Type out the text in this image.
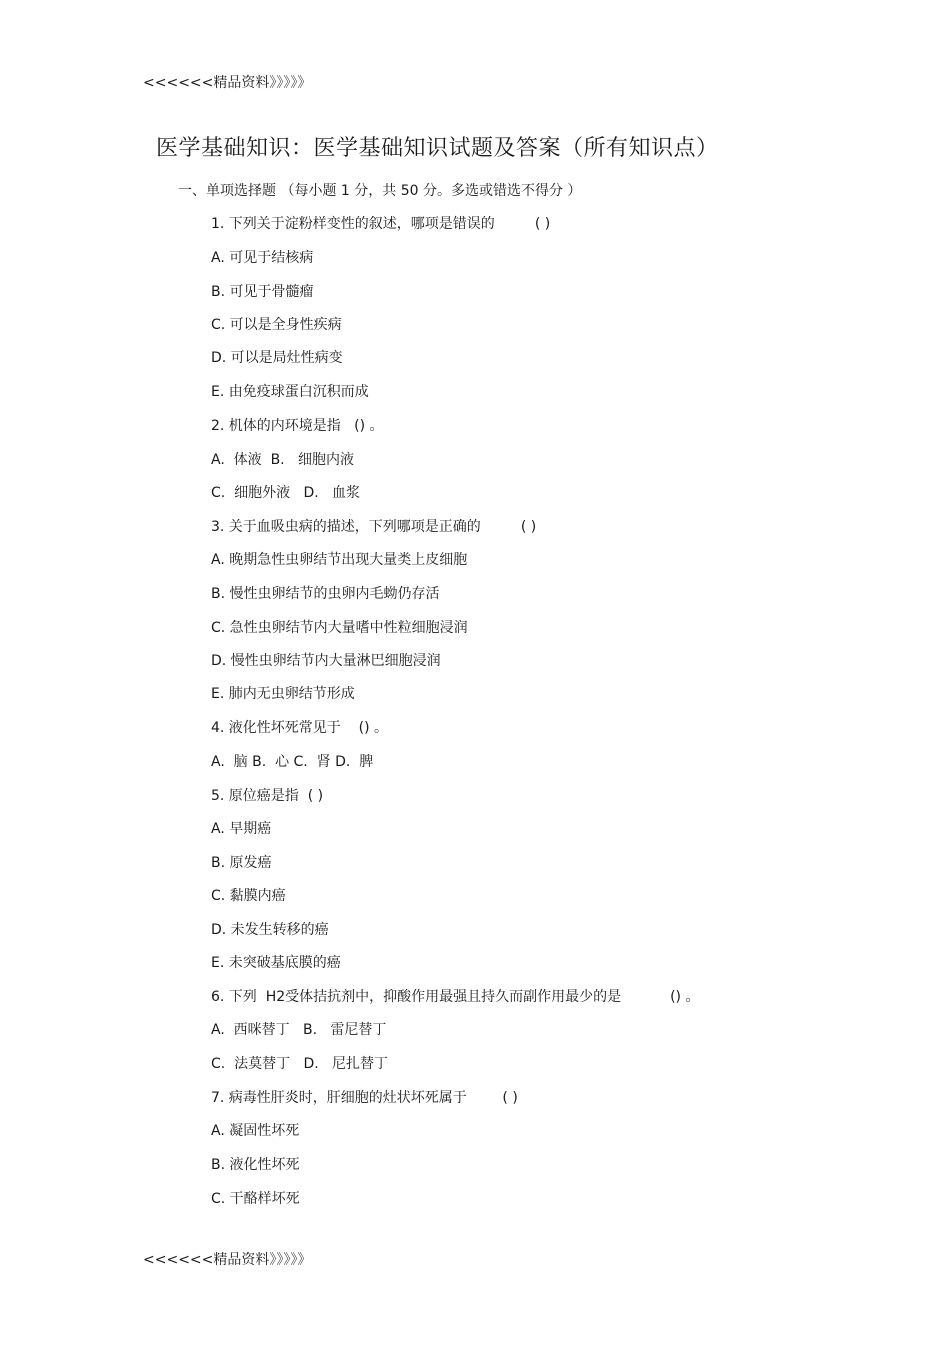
<<<<<<精品资料》》》》》
医学基础知识：医学基础知识试题及答案（所有知识点）
一、单项选择题 （每小题 1 分，共 50 分。多选或错选不得分 ）
1. 下列关于淀粉样变性的叙述，哪项是错误的         ( )
A. 可见于结核病
B. 可见于骨髓瘤
C. 可以是全身性疾病
D. 可以是局灶性病变
E. 由免疫球蛋白沉积而成
2. 机体的内环境是指   () 。
A.  体液  B.   细胞内液
C.  细胞外液   D.   血浆
3. 关于血吸虫病的描述，下列哪项是正确的         ( )
A. 晚期急性虫卵结节出现大量类上皮细胞
B. 慢性虫卵结节的虫卵内毛蚴仍存活
C. 急性虫卵结节内大量嗜中性粒细胞浸润
D. 慢性虫卵结节内大量淋巴细胞浸润
E. 肺内无虫卵结节形成
4. 液化性坏死常见于    () 。
A.  脑 B.  心 C.  肾 D.  脾
5. 原位癌是指  ( )
A. 早期癌
B. 原发癌
C. 黏膜内癌
D. 未发生转移的癌
E. 未突破基底膜的癌
6. 下列  H2受体拮抗剂中，抑酸作用最强且持久而副作用最少的是           () 。
A.  西咪替丁   B.   雷尼替丁
C.  法莫替丁   D.   尼扎替丁
7. 病毒性肝炎时，肝细胞的灶状坏死属于        ( )
A. 凝固性坏死
B. 液化性坏死
C. 干酪样坏死
<<<<<<精品资料》》》》》
